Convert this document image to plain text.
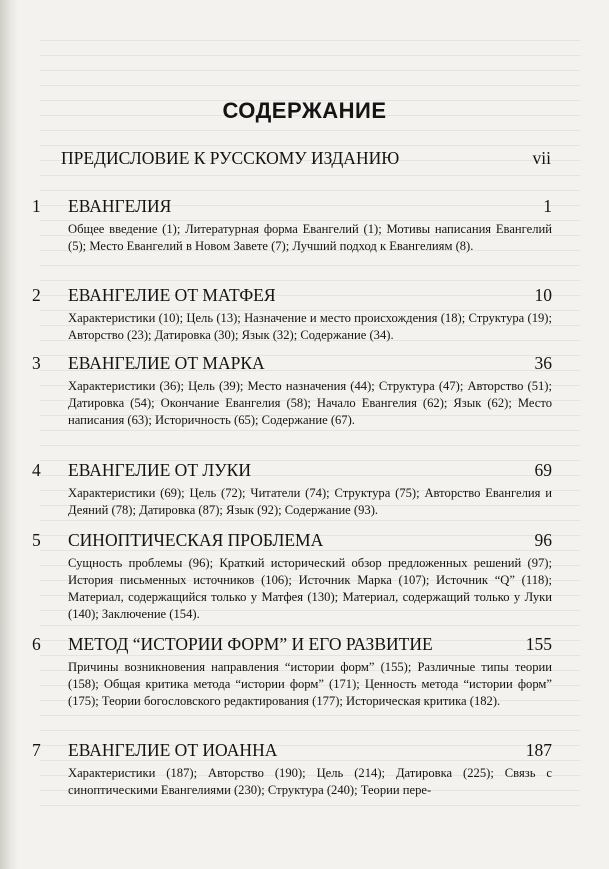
СОДЕРЖАНИЕ
ПРЕДИСЛОВИЕ К РУССКОМУ ИЗДАНИЮ	vii
1	ЕВАНГЕЛИЯ	1
Общее введение (1); Литературная форма Евангелий (1); Мотивы написания Евангелий (5); Место Евангелий в Новом Завете (7); Лучший подход к Евангелиям (8).
2	ЕВАНГЕЛИЕ ОТ МАТФЕЯ	10
Характеристики (10); Цель (13); Назначение и место происхождения (18); Структура (19); Авторство (23); Датировка (30); Язык (32); Содержание (34).
3	ЕВАНГЕЛИЕ ОТ МАРКА	36
Характеристики (36); Цель (39); Место назначения (44); Структура (47); Авторство (51); Датировка (54); Окончание Евангелия (58); Начало Евангелия (62); Язык (62); Место написания (63); Историчность (65); Содержание (67).
4	ЕВАНГЕЛИЕ ОТ ЛУКИ	69
Характеристики (69); Цель (72); Читатели (74); Структура (75); Авторство Евангелия и Деяний (78); Датировка (87); Язык (92); Содержание (93).
5	СИНОПТИЧЕСКАЯ ПРОБЛЕМА	96
Сущность проблемы (96); Краткий исторический обзор предложенных решений (97); История письменных источников (106); Источник Марка (107); Источник “Q” (118); Материал, содержащийся только у Матфея (130); Материал, содержащий только у Луки (140); Заключение (154).
6	МЕТОД “ИСТОРИИ ФОРМ” И ЕГО РАЗВИТИЕ	155
Причины возникновения направления “истории форм” (155); Различные типы теории (158); Общая критика метода “истории форм” (171); Ценность метода “истории форм” (175); Теории богословского редактирования (177); Историческая критика (182).
7	ЕВАНГЕЛИЕ ОТ ИОАННА	187
Характеристики (187); Авторство (190); Цель (214); Датировка (225); Связь с синоптическими Евангелиями (230); Структура (240); Теории пере-
